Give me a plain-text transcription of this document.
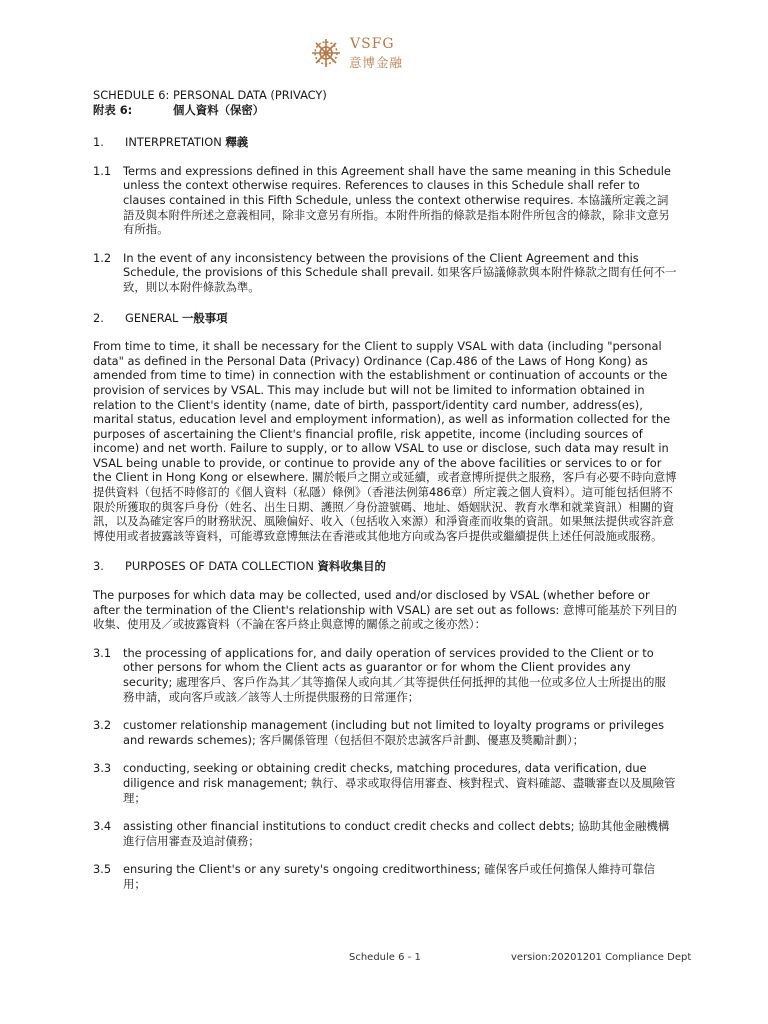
VSFG
意博金融
SCHEDULE 6: PERSONAL DATA (PRIVACY)
附表 6:	個人資料（保密）
1.	INTERPRETATION
釋義
1.1	Terms and expressions defined in this Agreement shall have the same meaning in this Schedule unless the context otherwise requires. References to clauses in this Schedule shall refer to clauses contained in this Fifth Schedule, unless the context otherwise requires. 本協議所定義之詞語及與本附件所述之意義相同，除非文意另有所指。本附件所指的條款是指本附件所包含的條款，除非文意另有所指。
1.2	In the event of any inconsistency between the provisions of the Client Agreement and this Schedule, the provisions of this Schedule shall prevail. 如果客戶協議條款與本附件條款之間有任何不一致，則以本附件條款為準。
2.	GENERAL
一般事項

From time to time, it shall be necessary for the Client to supply VSAL with data (including "personal data" as defined in the Personal Data (Privacy) Ordinance (Cap.486 of the Laws of Hong Kong) as amended from time to time) in connection with the establishment or continuation of accounts or the provision of services by VSAL. This may include but will not be limited to information obtained in relation to the Client's identity (name, date of birth, passport/identity card number, address(es), marital status, education level and employment information), as well as information collected for the purposes of ascertaining the Client's financial profile, risk appetite, income (including sources of income) and net worth. Failure to supply, or to allow VSAL to use or disclose, such data may result in VSAL being unable to provide, or continue to provide any of the above facilities or services to or for the Client in Hong Kong or elsewhere. 關於帳戶之開立或延續，或者意博所提供之服務，客戶有必要不時向意博提供資料（包括不時修訂的《個人資料（私隱）條例》（香港法例第486章）所定義之個人資料）。這可能包括但將不限於所獲取的與客戶身份（姓名、出生日期、護照／身份證號碼、地址、婚姻狀況、教育水準和就業資訊）相關的資訊，以及為確定客戶的財務狀況、風險偏好、收入（包括收入來源）和淨資產而收集的資訊。如果無法提供或容許意博使用或者披露該等資料，可能導致意博無法在香港或其他地方向或為客戶提供或繼續提供上述任何設施或服務。

3.	PURPOSES OF DATA COLLECTION
資料收集目的

The purposes for which data may be collected, used and/or disclosed by VSAL (whether before or after the termination of the Client's relationship with VSAL) are set out as follows: 意博可能基於下列目的收集、使用及／或披露資料（不論在客戶終止與意博的關係之前或之後亦然）：

3.1	the processing of applications for, and daily operation of services provided to the Client or to other persons for whom the Client acts as guarantor or for whom the Client provides any security; 處理客戶、客戶作為其／其等擔保人或向其／其等提供任何抵押的其他一位或多位人士所提出的服務申請，或向客戶或該／該等人士所提供服務的日常運作；
3.2	customer relationship management (including but not limited to loyalty programs or privileges and rewards schemes); 客戶關係管理（包括但不限於忠誠客戶計劃、優惠及獎勵計劃）；
3.3	conducting, seeking or obtaining credit checks, matching procedures, data verification, due diligence and risk management; 執行、尋求或取得信用審查、核對程式、資料確認、盡職審查以及風險管理；
3.4	assisting other financial institutions to conduct credit checks and collect debts; 協助其他金融機構進行信用審查及追討債務；
3.5	ensuring the Client's or any surety's ongoing creditworthiness; 確保客戶或任何擔保人維持可靠信用；
Schedule 6 - 1	version:20201201 Compliance Dept
